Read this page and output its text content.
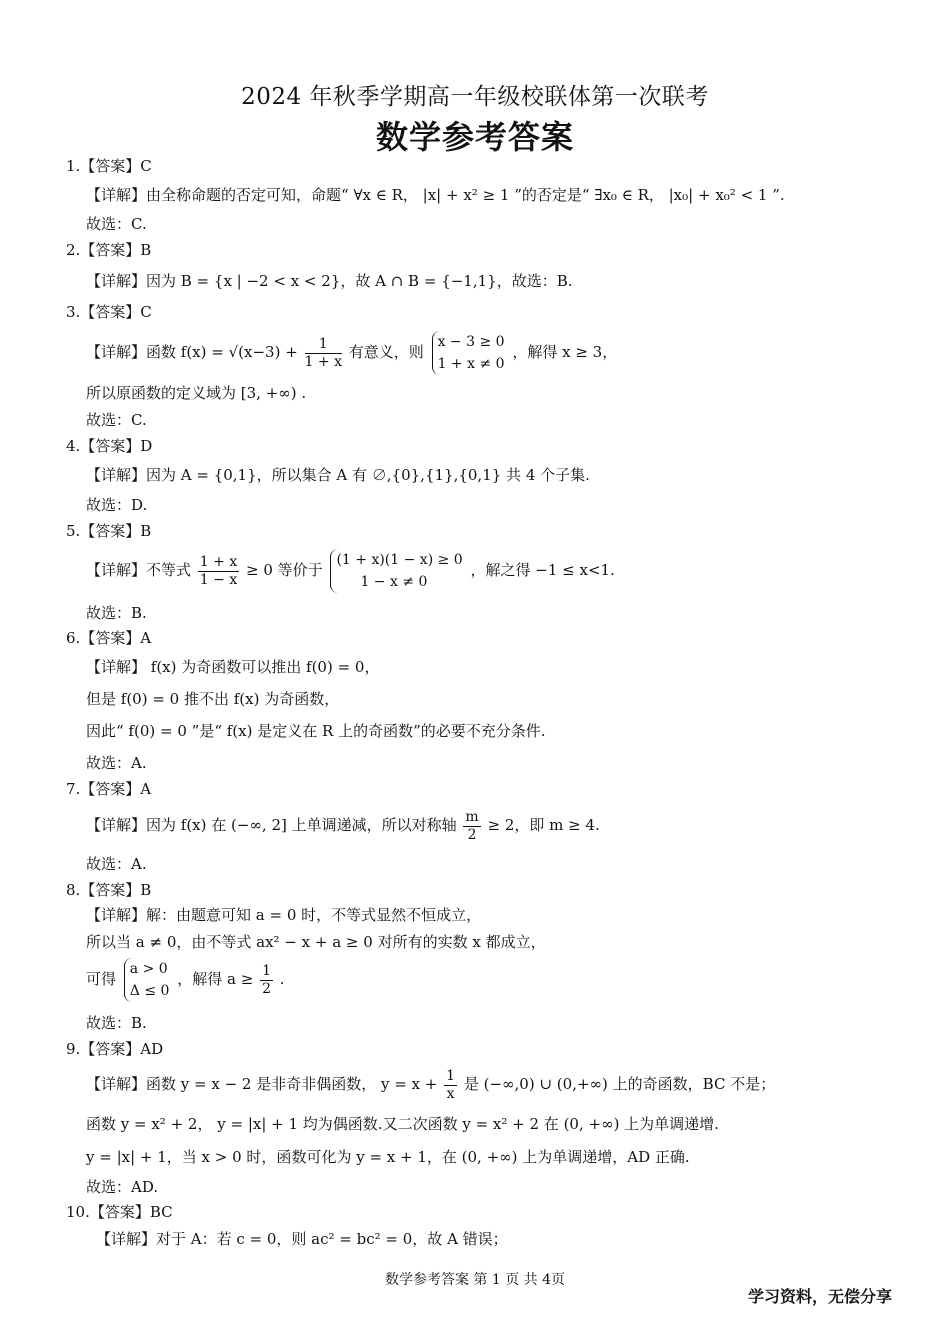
2024 年秋季学期高一年级校联体第一次联考
数学参考答案
1.【答案】C
【详解】由全称命题的否定可知，命题“ ∀x ∈ R， |x| + x² ≥ 1 ”的否定是“ ∃x₀ ∈ R， |x₀| + x₀² < 1 ”.
故选：C.
2.【答案】B
【详解】因为 B = {x | −2 < x < 2}，故 A ∩ B = {−1,1}，故选：B.
3.【答案】C
【详解】函数 $f(x) = √(x-3) + \frac{1}{1 + x}$ 有意义，则
x − 3 ≥ 0
1 + x ≠ 0
，解得 x ≥ 3，
所以原函数的定义域为 [3, +∞) .
故选：C.
4.【答案】D
【详解】因为 A = {0,1}，所以集合 A 有 ∅,{0},{1},{0,1} 共 4 个子集.
故选：D.
5.【答案】B
【详解】不等式 $\frac{1 + x}{1 - x} \ge 0$ 等价于
(1 + x)(1 − x) ≥ 0
1 − x ≠ 0
，解之得 −1 ≤ x<1.
故选：B.
6.【答案】A
【详解】 f(x) 为奇函数可以推出 f(0) = 0，
但是 f(0) = 0 推不出 f(x) 为奇函数，
因此“ f(0) = 0 ”是“ f(x) 是定义在 R 上的奇函数”的必要不充分条件.
故选：A.
7.【答案】A
【详解】因为 f(x) 在 (−∞, 2] 上单调递减，所以对称轴 $\frac{m}{2} \ge 2$，即 m ≥ 4.
故选：A.
8.【答案】B
【详解】解：由题意可知 a = 0 时，不等式显然不恒成立，
所以当 a ≠ 0，由不等式 ax² − x + a ≥ 0 对所有的实数 x 都成立，
可得
a > 0
Δ ≤ 0
，解得 $a \ge \frac{1}{2}$ .
故选：B.
9.【答案】AD
【详解】函数 y = x − 2 是非奇非偶函数， $y = x + \frac{1}{x}$ 是 (−∞,0) ∪ (0,+∞) 上的奇函数，BC 不是；
函数 y = x² + 2， y = |x| + 1 均为偶函数.又二次函数 y = x² + 2 在 (0, +∞) 上为单调递增.
y = |x| + 1，当 x > 0 时，函数可化为 y = x + 1，在 (0, +∞) 上为单调递增，AD 正确.
故选：AD.
10.【答案】BC
【详解】对于 A：若 c = 0，则 ac² = bc² = 0，故 A 错误；
数学参考答案 第 1 页 共 4页
学习资料，无偿分享
